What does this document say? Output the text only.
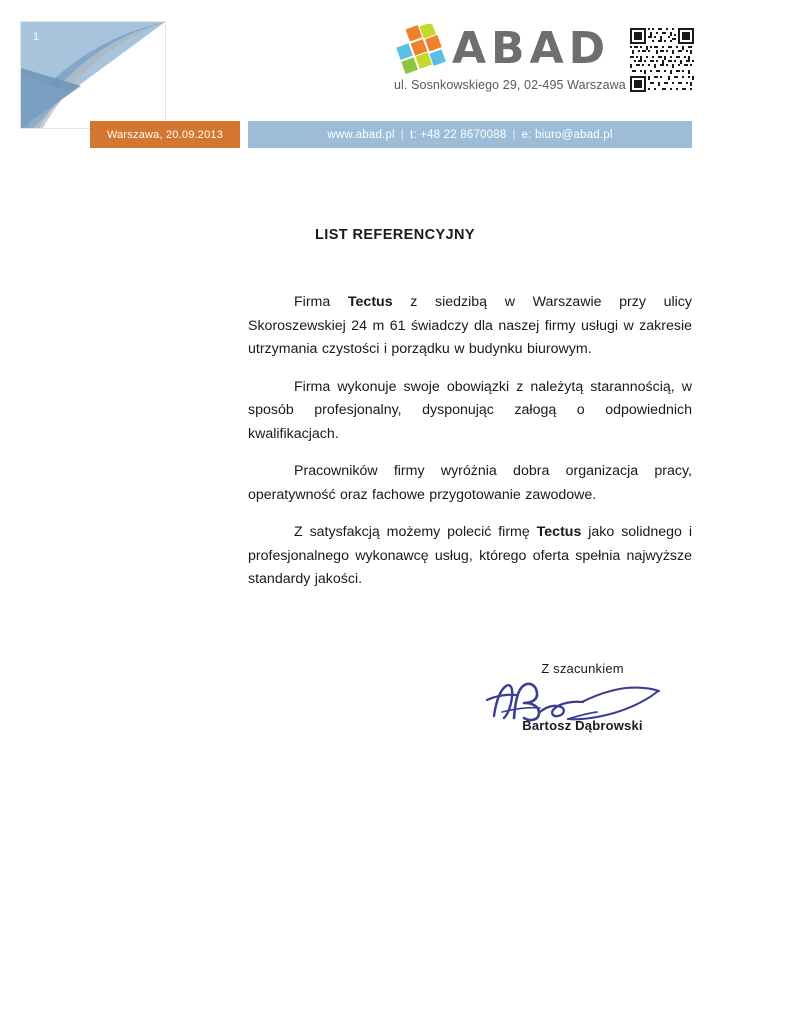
1
Warszawa, 20.09.2013	www.abad.pl | t: +48 22 8670088 | e: biuro@abad.pl
ABAD
ul. Sosnkowskiego 29, 02-495 Warszawa
LIST REFERENCYJNY

Firma Tectus z siedzibą w Warszawie przy ulicy Skoroszewskiej 24 m 61 świadczy dla naszej firmy usługi w zakresie utrzymania czystości i porządku w budynku biurowym.

Firma wykonuje swoje obowiązki z należytą starannością, w sposób profesjonalny, dysponując załogą o odpowiednich kwalifikacjach.

Pracowników firmy wyróżnia dobra organizacja pracy, operatywność oraz fachowe przygotowanie zawodowe.

Z satysfakcją możemy polecić firmę Tectus jako solidnego i profesjonalnego wykonawcę usług, którego oferta spełnia najwyższe standardy jakości.

Z szacunkiem
Bartosz Dąbrowski
